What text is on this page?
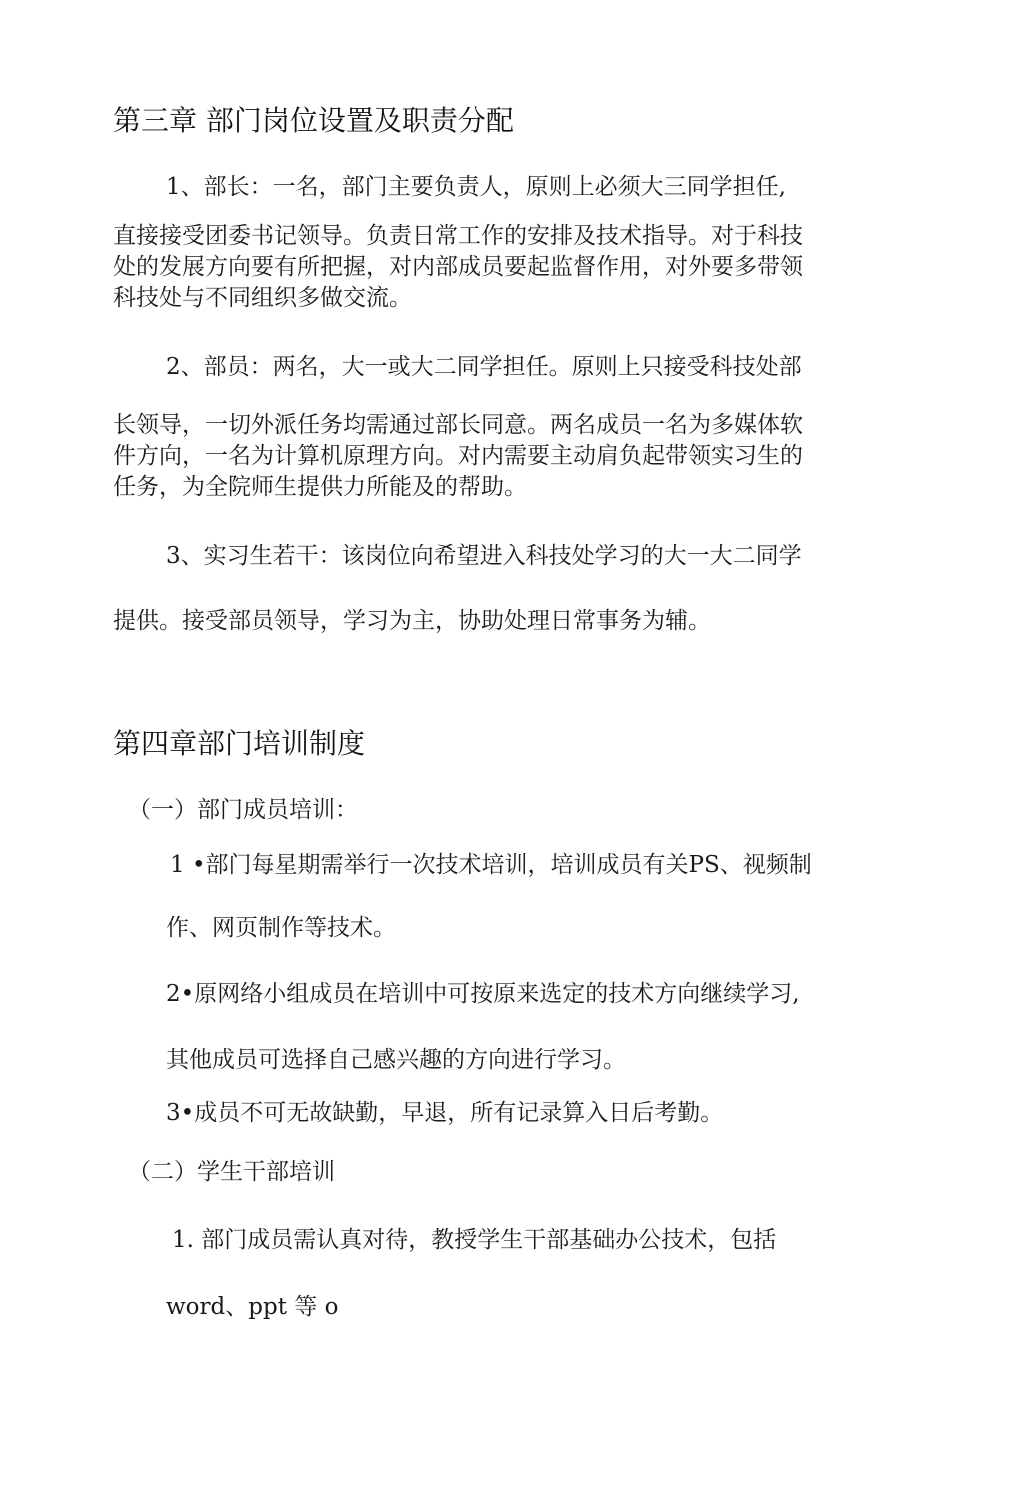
第三章 部门岗位设置及职责分配
1、部长：一名，部门主要负责人，原则上必须大三同学担任,
直接接受团委书记领导。负责日常工作的安排及技术指导。对于科技
处的发展方向要有所把握，对内部成员要起监督作用，对外要多带领
科技处与不同组织多做交流。
2、部员：两名，大一或大二同学担任。原则上只接受科技处部
长领导，一切外派任务均需通过部长同意。两名成员一名为多媒体软
件方向，一名为计算机原理方向。对内需要主动肩负起带领实习生的
任务，为全院师生提供力所能及的帮助。
3、实习生若干：该岗位向希望进入科技处学习的大一大二同学
提供。接受部员领导，学习为主，协助处理日常事务为辅。
第四章部门培训制度
（一）部门成员培训：
1 •部门每星期需举行一次技术培训，培训成员有关PS、视频制
作、网页制作等技术。
2•原网络小组成员在培训中可按原来选定的技术方向继续学习,
其他成员可选择自己感兴趣的方向进行学习。
3•成员不可无故缺勤，早退，所有记录算入日后考勤。
（二）学生干部培训
1. 部门成员需认真对待，教授学生干部基础办公技术，包括
word、ppt 等 o
